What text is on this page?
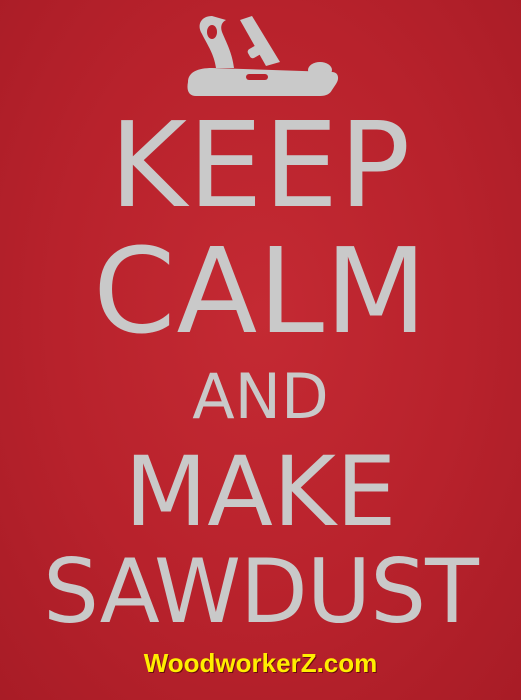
KEEP
CALM
AND
MAKE
SAWDUST
WoodworkerZ.com
